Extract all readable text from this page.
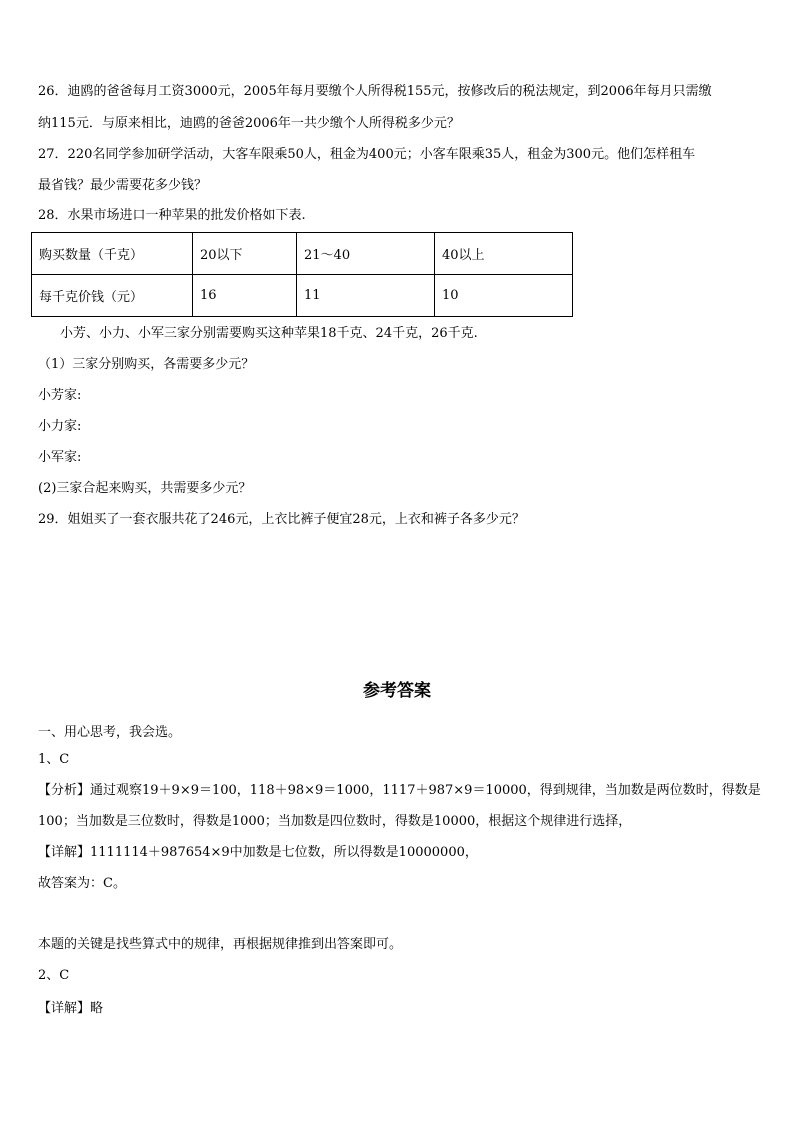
26．迪鸥的爸爸每月工资3000元，2005年每月要缴个人所得税155元，按修改后的税法规定，到2006年每月只需缴
纳115元．与原来相比，迪鸥的爸爸2006年一共少缴个人所得税多少元？
27．220名同学参加研学活动，大客车限乘50人，租金为400元；小客车限乘35人，租金为300元。他们怎样租车
最省钱？最少需要花多少钱？
28．水果市场进口一种苹果的批发价格如下表.
购买数量（千克）	20以下	21～40	40以上
每千克价钱（元）	16	11	10
小芳、小力、小军三家分别需要购买这种苹果18千克、24千克，26千克.
（1）三家分别购买，各需要多少元？
小芳家:
小力家:
小军家:
(2)三家合起来购买，共需要多少元？
29．姐姐买了一套衣服共花了246元，上衣比裤子便宜28元，上衣和裤子各多少元？
参考答案
一、用心思考，我会选。
1、C
【分析】通过观察19＋9×9＝100，118＋98×9＝1000，1117＋987×9＝10000，得到规律，当加数是两位数时，得数是
100；当加数是三位数时，得数是1000；当加数是四位数时，得数是10000，根据这个规律进行选择，
【详解】1111114＋987654×9中加数是七位数，所以得数是10000000，
故答案为：C。
本题的关键是找些算式中的规律，再根据规律推到出答案即可。
2、C
【详解】略
